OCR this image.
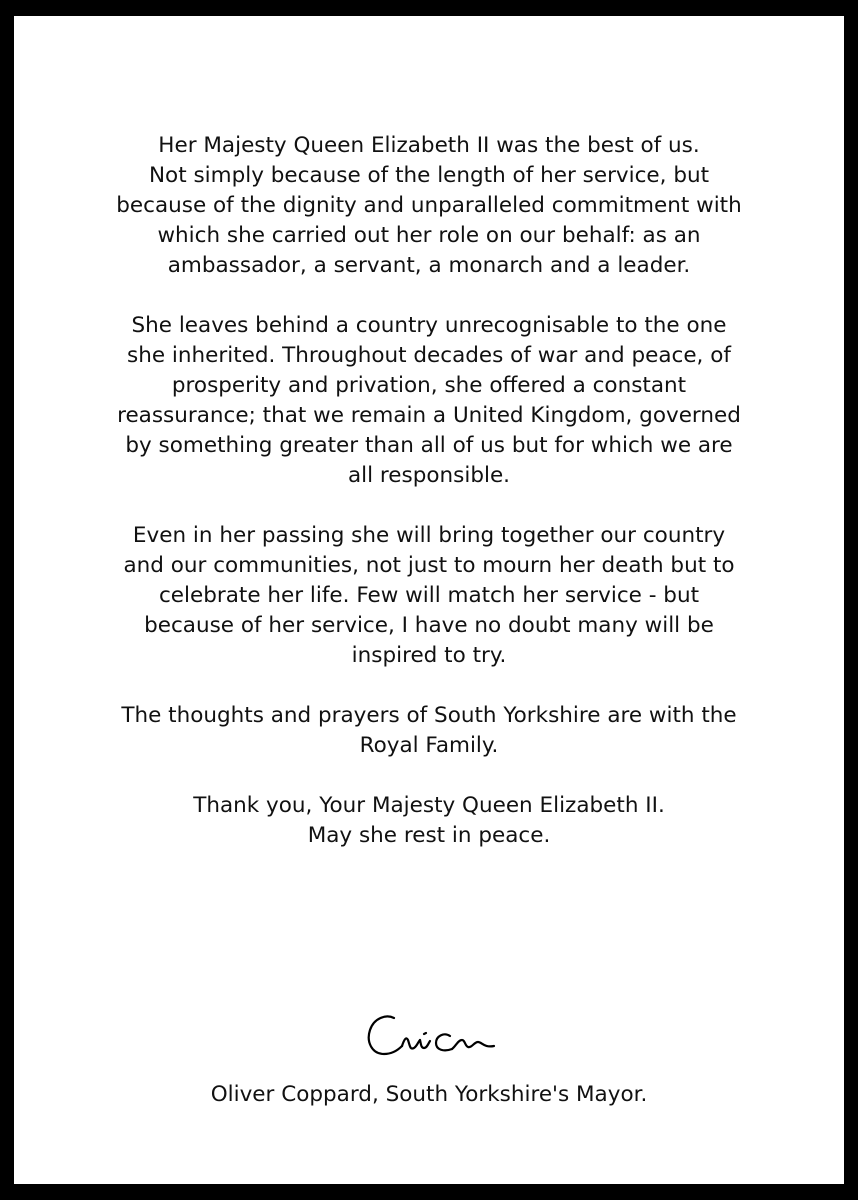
Her Majesty Queen Elizabeth II was the best of us.
Not simply because of the length of her service, but
because of the dignity and unparalleled commitment with
which she carried out her role on our behalf: as an
ambassador, a servant, a monarch and a leader.

She leaves behind a country unrecognisable to the one
she inherited. Throughout decades of war and peace, of
prosperity and privation, she offered a constant
reassurance; that we remain a United Kingdom, governed
by something greater than all of us but for which we are
all responsible.

Even in her passing she will bring together our country
and our communities, not just to mourn her death but to
celebrate her life. Few will match her service - but
because of her service, I have no doubt many will be
inspired to try.

The thoughts and prayers of South Yorkshire are with the
Royal Family.

Thank you, Your Majesty Queen Elizabeth II.
May she rest in peace.

Oliver Coppard, South Yorkshire's Mayor.
